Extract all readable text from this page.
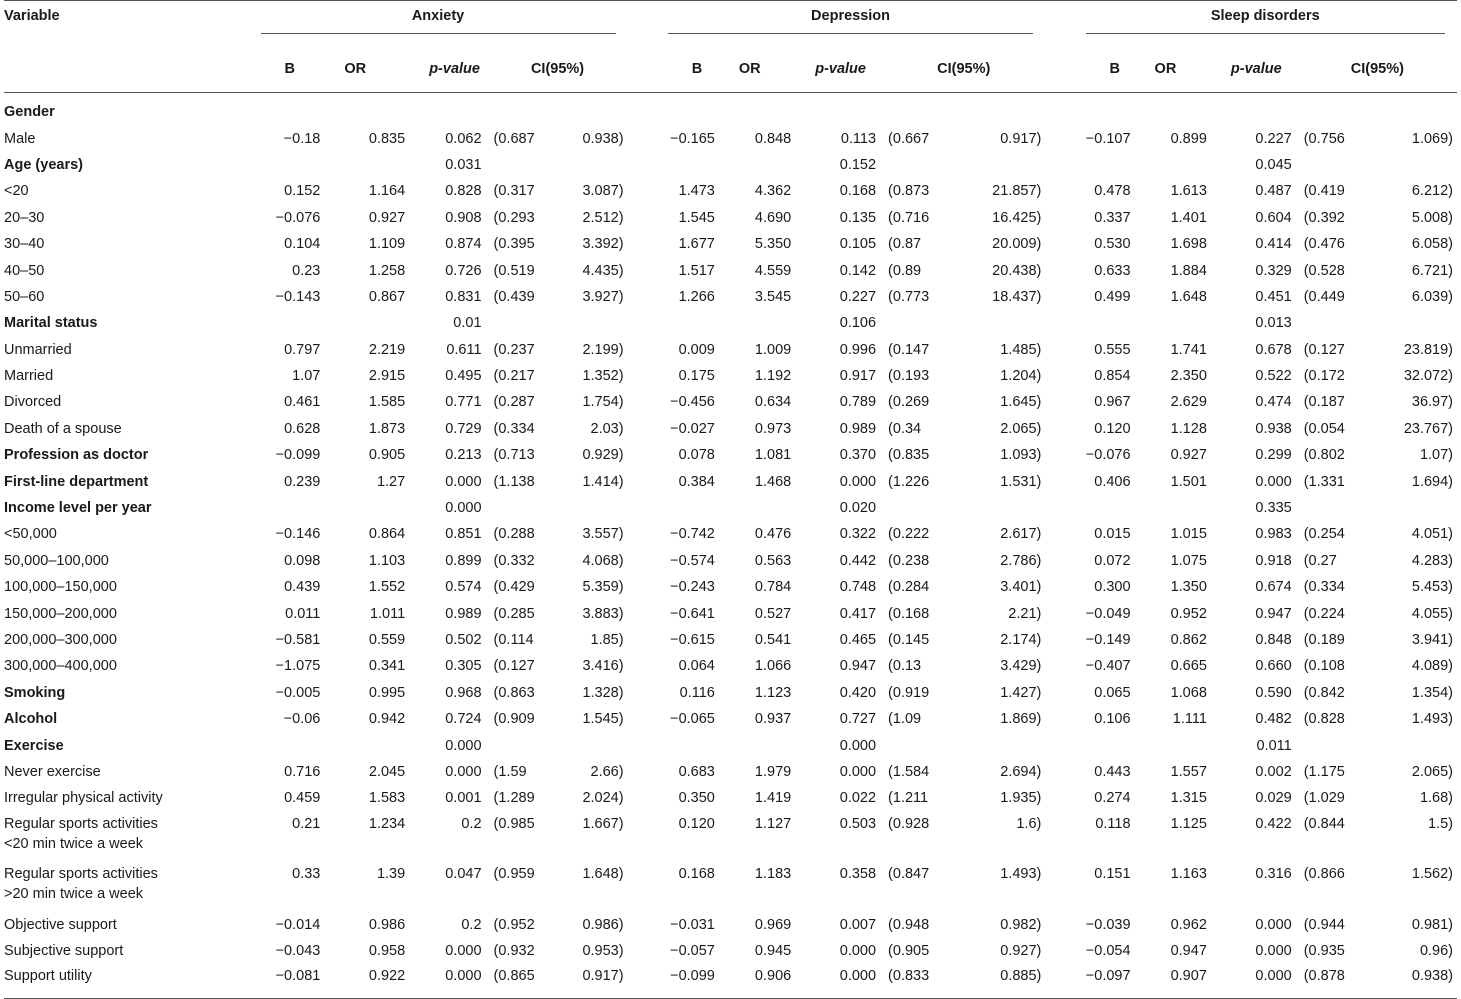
Variable	Anxiety						Depression						Sleep disorders				

	B	OR	p-value	CI(95%)			B	OR	p-value	CI(95%)			B	OR	p-value	CI(95%)	
Gender																	
Male	−0.18	0.835	0.062	(0.687	0.938)		−0.165	0.848	0.113	(0.667	0.917)		−0.107	0.899	0.227	(0.756	1.069)
Age (years)			0.031						0.152						0.045		
<20	0.152	1.164	0.828	(0.317	3.087)		1.473	4.362	0.168	(0.873	21.857)		0.478	1.613	0.487	(0.419	6.212)
20–30	−0.076	0.927	0.908	(0.293	2.512)		1.545	4.690	0.135	(0.716	16.425)		0.337	1.401	0.604	(0.392	5.008)
30–40	0.104	1.109	0.874	(0.395	3.392)		1.677	5.350	0.105	(0.87	20.009)		0.530	1.698	0.414	(0.476	6.058)
40–50	0.23	1.258	0.726	(0.519	4.435)		1.517	4.559	0.142	(0.89	20.438)		0.633	1.884	0.329	(0.528	6.721)
50–60	−0.143	0.867	0.831	(0.439	3.927)		1.266	3.545	0.227	(0.773	18.437)		0.499	1.648	0.451	(0.449	6.039)
Marital status			0.01						0.106						0.013		
Unmarried	0.797	2.219	0.611	(0.237	2.199)		0.009	1.009	0.996	(0.147	1.485)		0.555	1.741	0.678	(0.127	23.819)
Married	1.07	2.915	0.495	(0.217	1.352)		0.175	1.192	0.917	(0.193	1.204)		0.854	2.350	0.522	(0.172	32.072)
Divorced	0.461	1.585	0.771	(0.287	1.754)		−0.456	0.634	0.789	(0.269	1.645)		0.967	2.629	0.474	(0.187	36.97)
Death of a spouse	0.628	1.873	0.729	(0.334	2.03)		−0.027	0.973	0.989	(0.34	2.065)		0.120	1.128	0.938	(0.054	23.767)
Profession as doctor	−0.099	0.905	0.213	(0.713	0.929)		0.078	1.081	0.370	(0.835	1.093)		−0.076	0.927	0.299	(0.802	1.07)
First-line department	0.239	1.27	0.000	(1.138	1.414)		0.384	1.468	0.000	(1.226	1.531)		0.406	1.501	0.000	(1.331	1.694)
Income level per year			0.000						0.020						0.335		
<50,000	−0.146	0.864	0.851	(0.288	3.557)		−0.742	0.476	0.322	(0.222	2.617)		0.015	1.015	0.983	(0.254	4.051)
50,000–100,000	0.098	1.103	0.899	(0.332	4.068)		−0.574	0.563	0.442	(0.238	2.786)		0.072	1.075	0.918	(0.27	4.283)
100,000–150,000	0.439	1.552	0.574	(0.429	5.359)		−0.243	0.784	0.748	(0.284	3.401)		0.300	1.350	0.674	(0.334	5.453)
150,000–200,000	0.011	1.011	0.989	(0.285	3.883)		−0.641	0.527	0.417	(0.168	2.21)		−0.049	0.952	0.947	(0.224	4.055)
200,000–300,000	−0.581	0.559	0.502	(0.114	1.85)		−0.615	0.541	0.465	(0.145	2.174)		−0.149	0.862	0.848	(0.189	3.941)
300,000–400,000	−1.075	0.341	0.305	(0.127	3.416)		0.064	1.066	0.947	(0.13	3.429)		−0.407	0.665	0.660	(0.108	4.089)
Smoking	−0.005	0.995	0.968	(0.863	1.328)		0.116	1.123	0.420	(0.919	1.427)		0.065	1.068	0.590	(0.842	1.354)
Alcohol	−0.06	0.942	0.724	(0.909	1.545)		−0.065	0.937	0.727	(1.09	1.869)		0.106	1.111	0.482	(0.828	1.493)
Exercise			0.000						0.000						0.011		
Never exercise	0.716	2.045	0.000	(1.59	2.66)		0.683	1.979	0.000	(1.584	2.694)		0.443	1.557	0.002	(1.175	2.065)
Irregular physical activity	0.459	1.583	0.001	(1.289	2.024)		0.350	1.419	0.022	(1.211	1.935)		0.274	1.315	0.029	(1.029	1.68)
Regular sports activities
<20 min twice a week	0.21	1.234	0.2	(0.985	1.667)		0.120	1.127	0.503	(0.928	1.6)		0.118	1.125	0.422	(0.844	1.5)
Regular sports activities
>20 min twice a week	0.33	1.39	0.047	(0.959	1.648)		0.168	1.183	0.358	(0.847	1.493)		0.151	1.163	0.316	(0.866	1.562)
Objective support	−0.014	0.986	0.2	(0.952	0.986)		−0.031	0.969	0.007	(0.948	0.982)		−0.039	0.962	0.000	(0.944	0.981)
Subjective support	−0.043	0.958	0.000	(0.932	0.953)		−0.057	0.945	0.000	(0.905	0.927)		−0.054	0.947	0.000	(0.935	0.96)
Support utility	−0.081	0.922	0.000	(0.865	0.917)		−0.099	0.906	0.000	(0.833	0.885)		−0.097	0.907	0.000	(0.878	0.938)
